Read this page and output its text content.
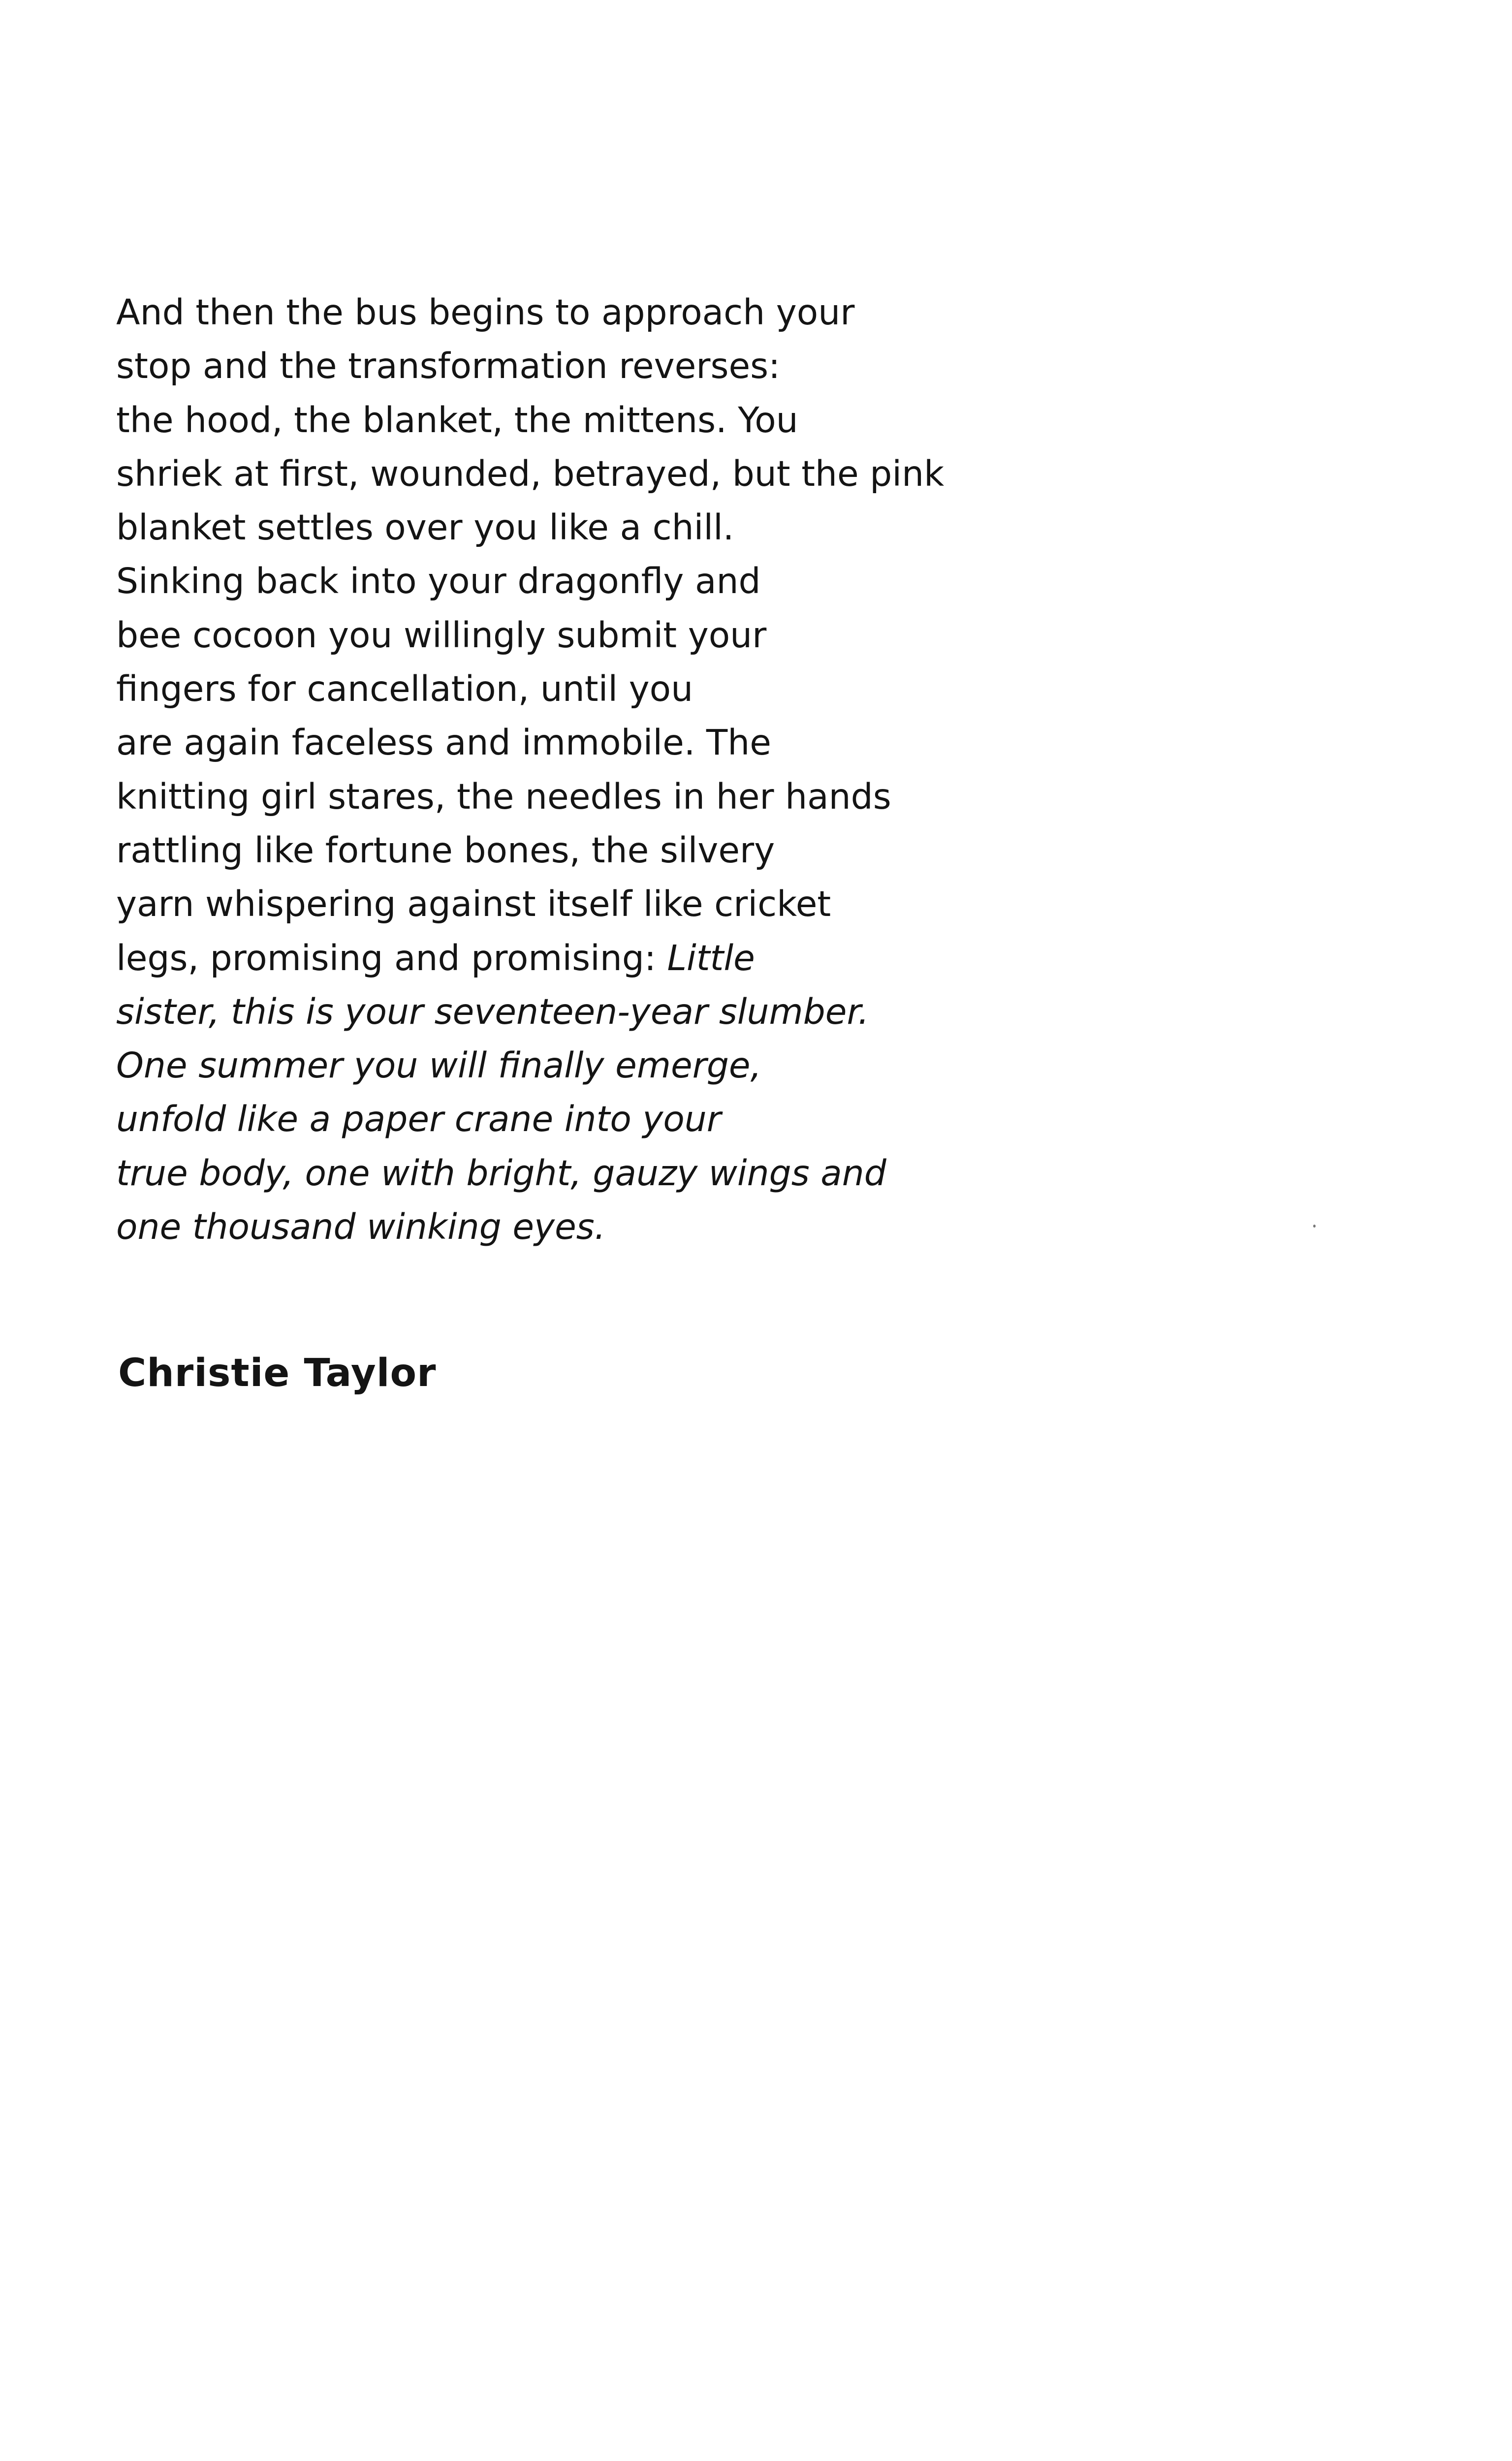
And then the bus begins to approach your
stop and the transformation reverses:
the hood, the blanket, the mittens. You
shriek at first, wounded, betrayed, but the pink
blanket settles over you like a chill.
Sinking back into your dragonfly and
bee cocoon you willingly submit your
fingers for cancellation, until you
are again faceless and immobile. The
knitting girl stares, the needles in her hands
rattling like fortune bones, the silvery
yarn whispering against itself like cricket
legs, promising and promising: Little
sister, this is your seventeen-year slumber.
One summer you will finally emerge,
unfold like a paper crane into your
true body, one with bright, gauzy wings and
one thousand winking eyes.
Christie Taylor
